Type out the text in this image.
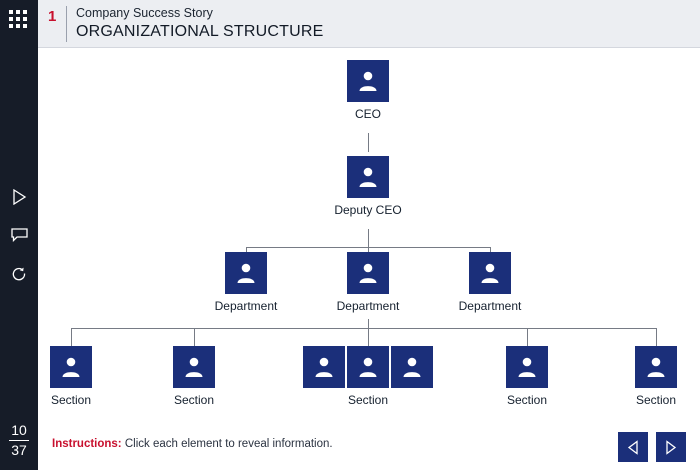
10
37
1 Company Success Story
ORGANIZATIONAL STRUCTURE
CEO
Deputy CEO
Department	Department	Department
Section	Section	Section	Section	Section
Instructions: Click each element to reveal information.
